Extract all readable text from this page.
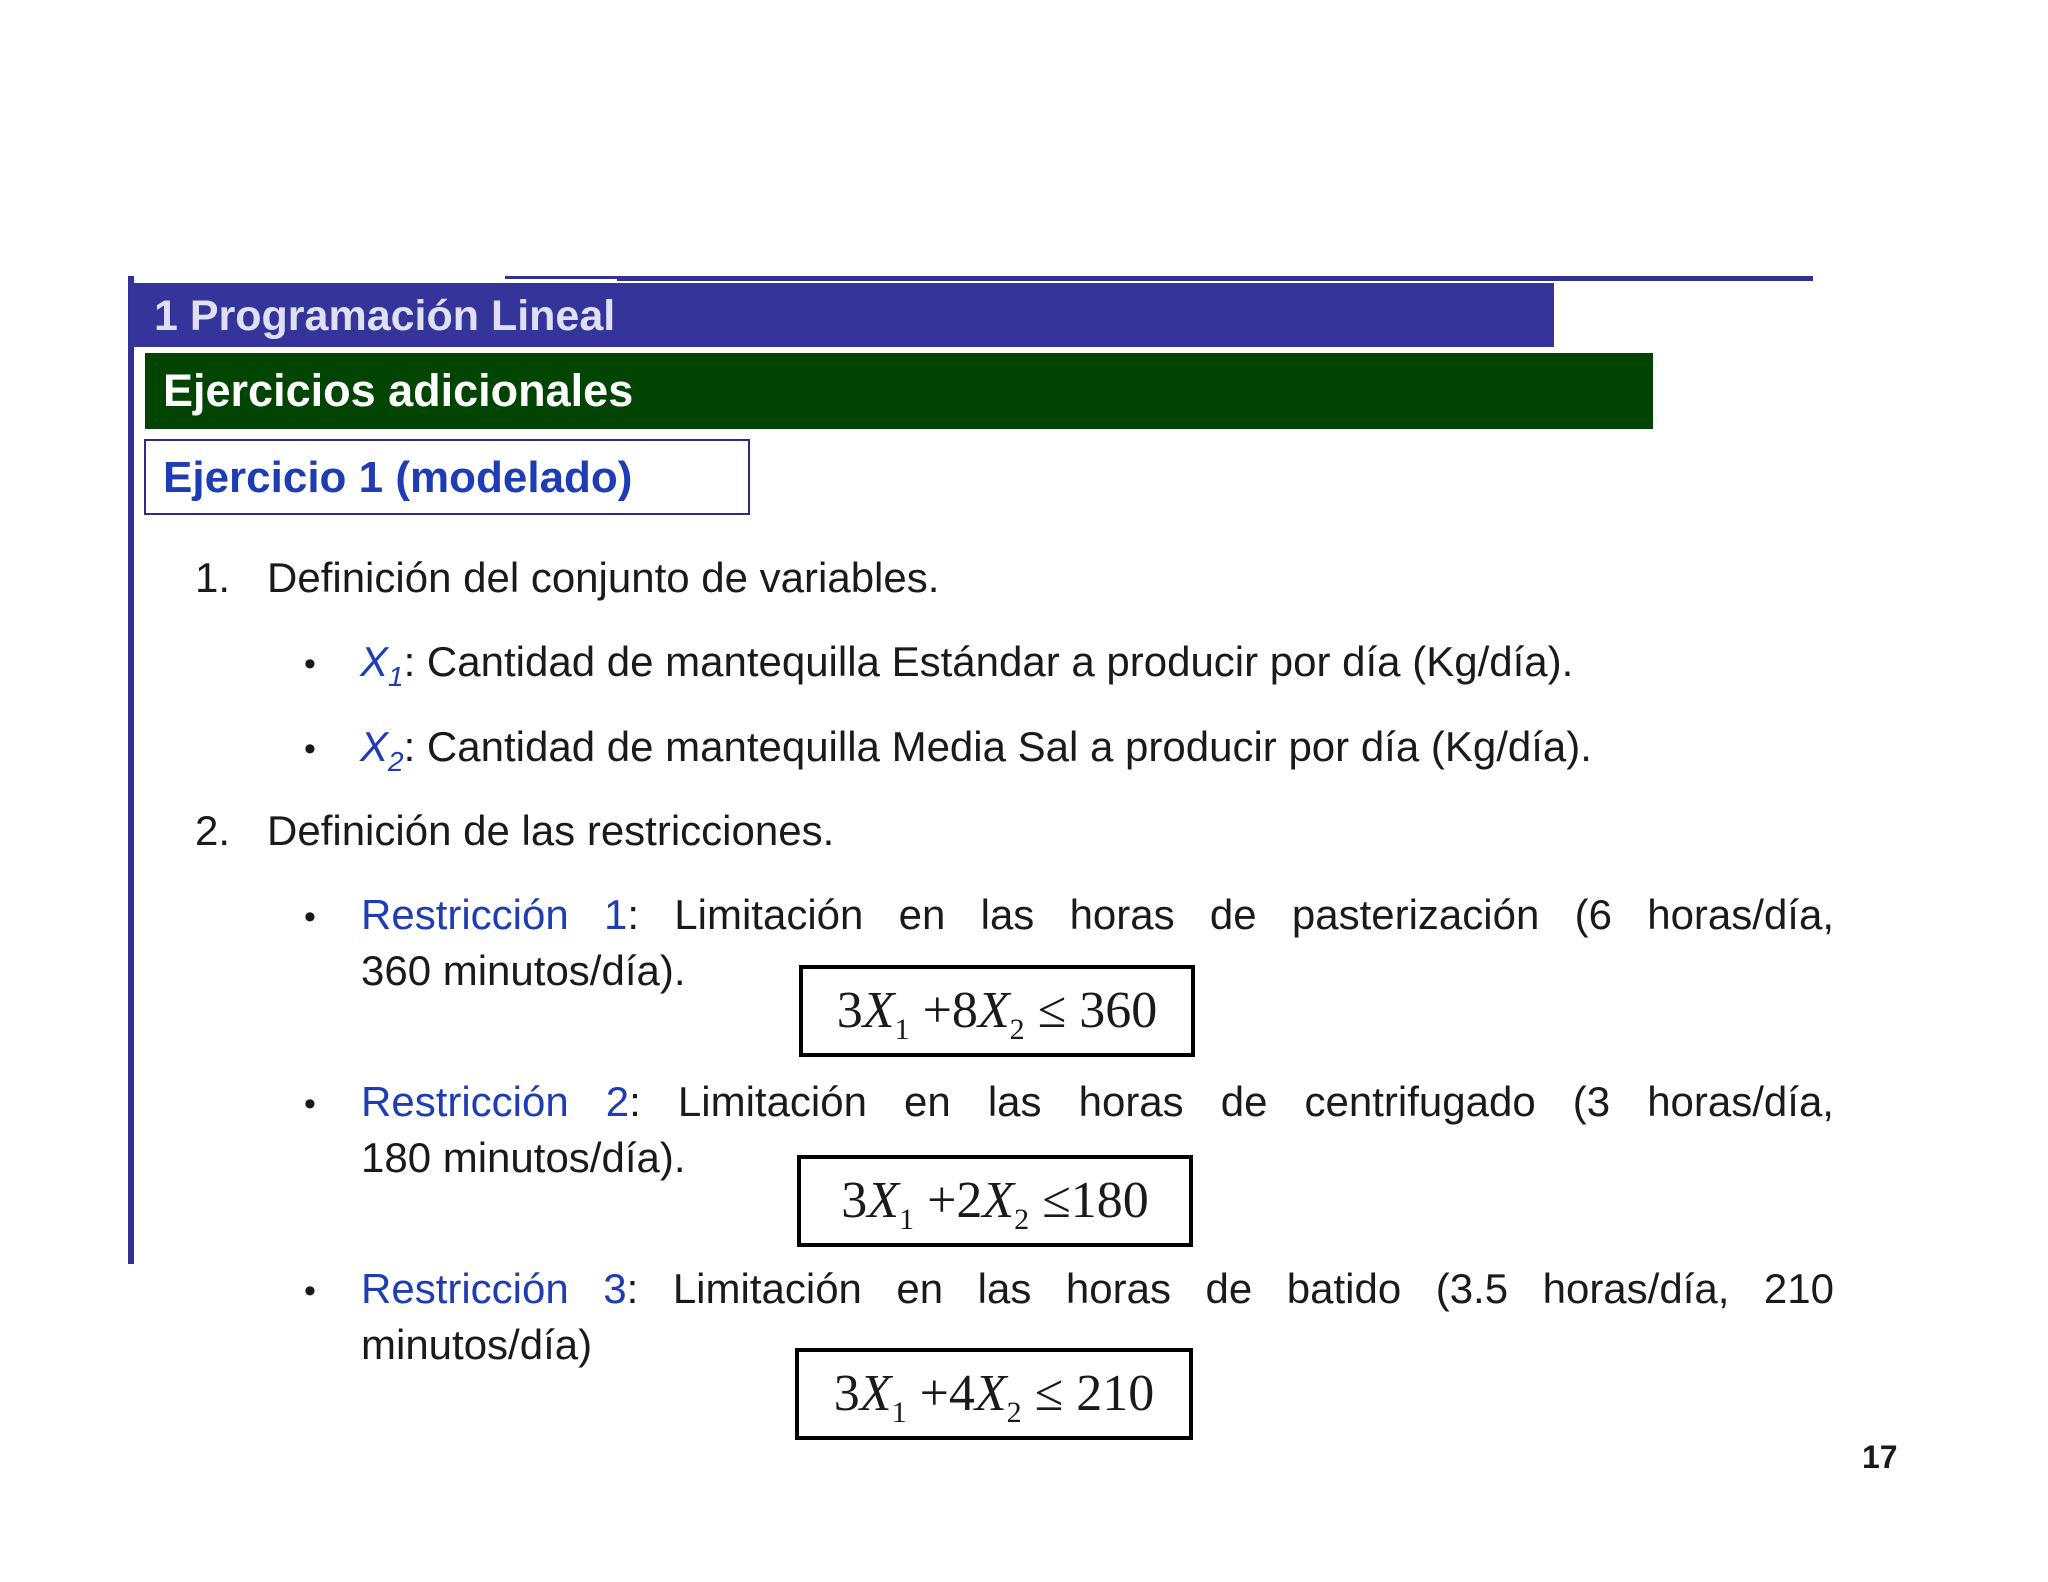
1 Programación Lineal
Ejercicios adicionales
Ejercicio 1 (modelado)
1. Definición del conjunto de variables.
• $X_1$: Cantidad de mantequilla Estándar a producir por día (Kg/día).
• $X_2$: Cantidad de mantequilla Media Sal a producir por día (Kg/día).
2. Definición de las restricciones.
• Restricción 1: Limitación en las horas de pasterización (6 horas/día,
360 minutos/día).
$3X_1 +8X_2 \le 360$
• Restricción 2: Limitación en las horas de centrifugado (3 horas/día,
180 minutos/día).
$3X_1 +2X_2 \le 180$
• Restricción 3: Limitación en las horas de batido (3.5 horas/día, 210
minutos/día)
$3X_1 +4X_2 \le 210$
17
